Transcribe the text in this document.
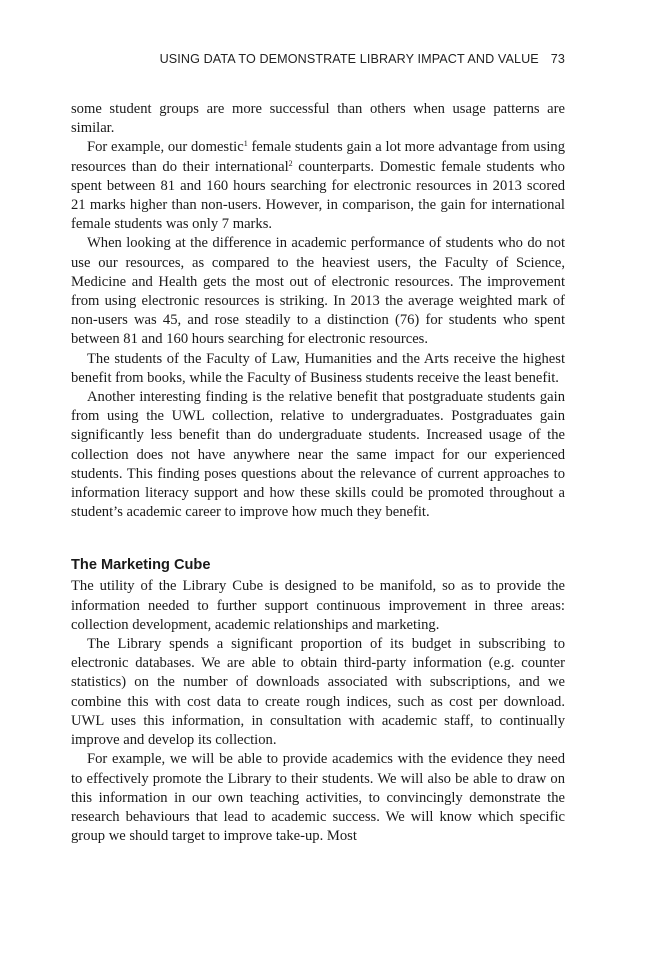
USING DATA TO DEMONSTRATE LIBRARY IMPACT AND VALUE 73

some student groups are more successful than others when usage patterns are similar.

For example, our domestic$^1$ female students gain a lot more advantage from using resources than do their international$^2$ counterparts. Domestic female students who spent between 81 and 160 hours searching for electronic resources in 2013 scored 21 marks higher than non-users. However, in comparison, the gain for international female students was only 7 marks.

When looking at the difference in academic performance of students who do not use our resources, as compared to the heaviest users, the Faculty of Science, Medicine and Health gets the most out of electronic resources. The improvement from using electronic resources is striking. In 2013 the average weighted mark of non-users was 45, and rose steadily to a distinction (76) for students who spent between 81 and 160 hours searching for electronic resources.

The students of the Faculty of Law, Humanities and the Arts receive the highest benefit from books, while the Faculty of Business students receive the least benefit.

Another interesting finding is the relative benefit that postgraduate students gain from using the UWL collection, relative to undergraduates. Postgraduates gain significantly less benefit than do undergraduate students. Increased usage of the collection does not have anywhere near the same impact for our experienced students. This finding poses questions about the relevance of current approaches to information literacy support and how these skills could be promoted throughout a student’s academic career to improve how much they benefit.

The Marketing Cube

The utility of the Library Cube is designed to be manifold, so as to provide the information needed to further support continuous improvement in three areas: collection development, academic relationships and marketing.

The Library spends a significant proportion of its budget in subscribing to electronic databases. We are able to obtain third-party information (e.g. counter statistics) on the number of downloads associated with subscriptions, and we combine this with cost data to create rough indices, such as cost per download. UWL uses this information, in consultation with academic staff, to continually improve and develop its collection.

For example, we will be able to provide academics with the evidence they need to effectively promote the Library to their students. We will also be able to draw on this information in our own teaching activities, to convincingly demonstrate the research behaviours that lead to academic success. We will know which specific group we should target to improve take-up. Most
